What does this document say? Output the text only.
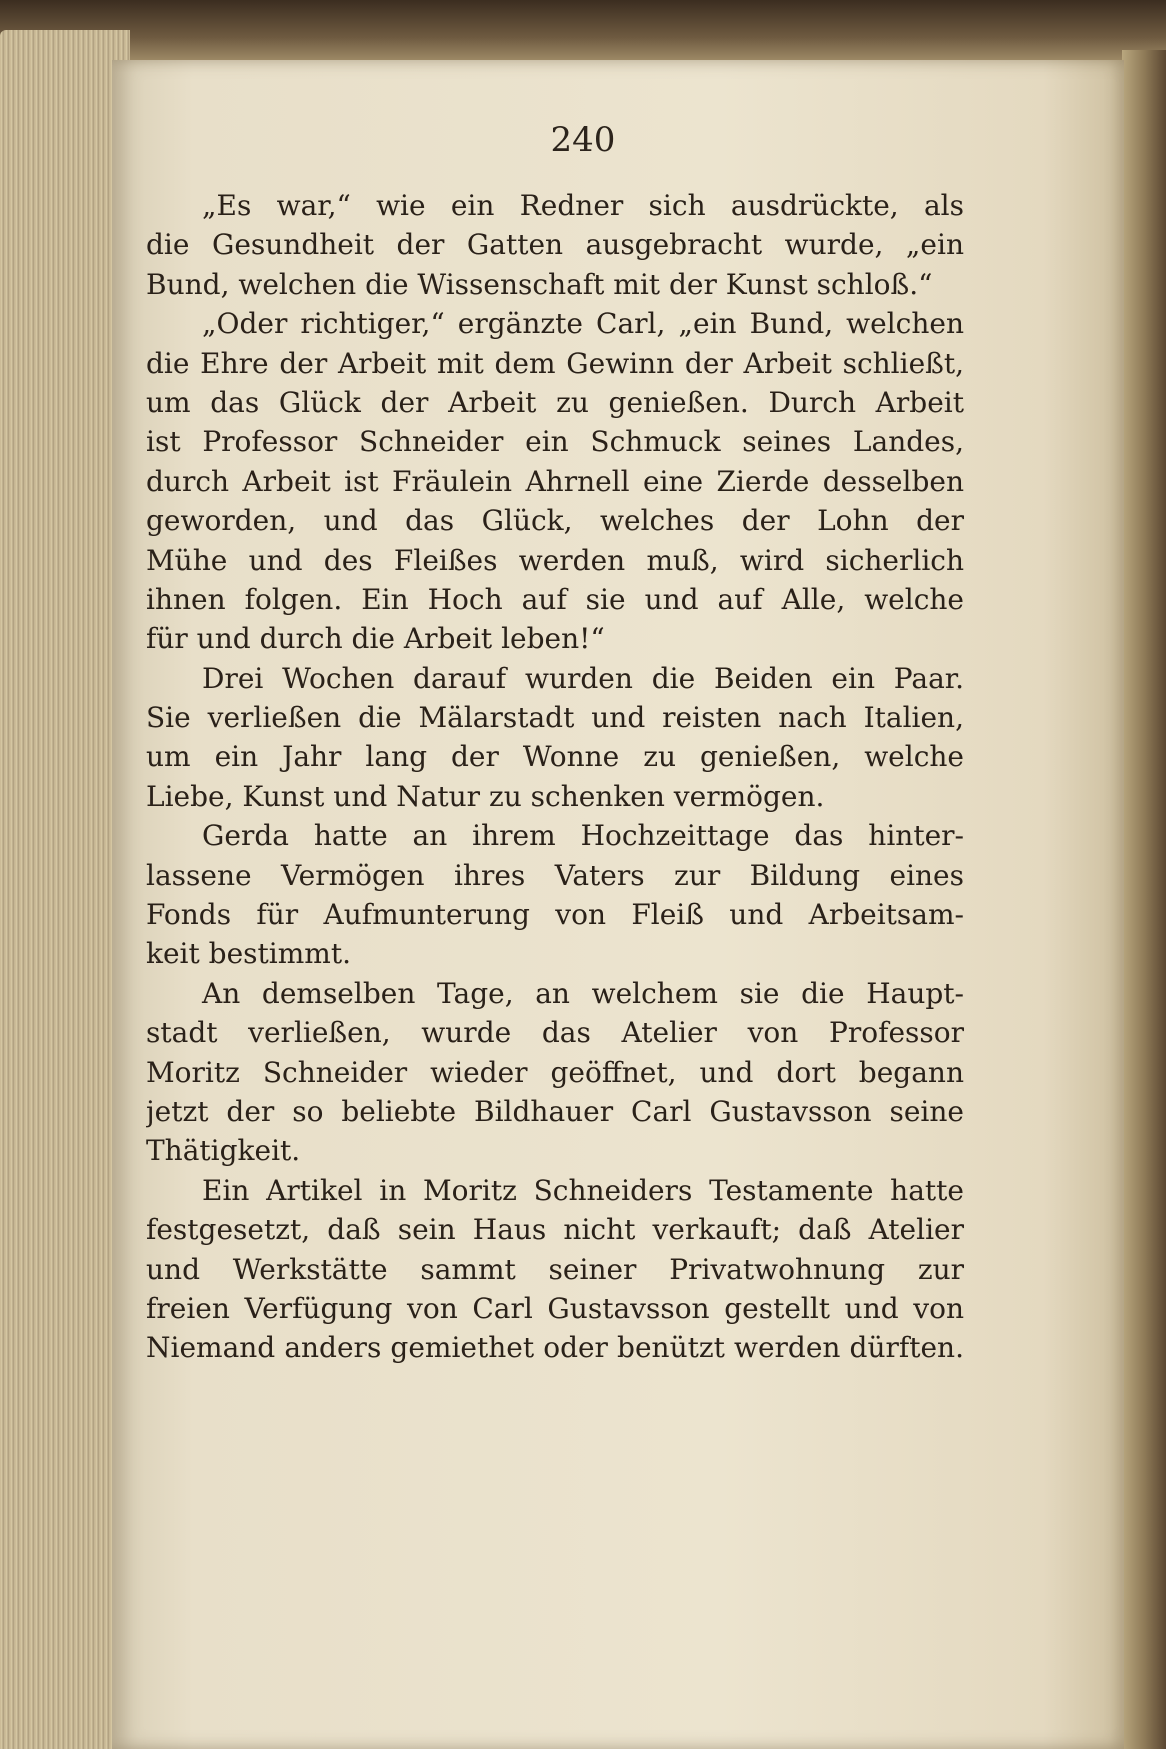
240
„Es war,“ wie ein Redner sich ausdrückte, als
die Gesundheit der Gatten ausgebracht wurde, „ein
Bund, welchen die Wissenschaft mit der Kunst schloß.“
„Oder richtiger,“ ergänzte Carl, „ein Bund, welchen
die Ehre der Arbeit mit dem Gewinn der Arbeit schließt,
um das Glück der Arbeit zu genießen. Durch Arbeit
ist Professor Schneider ein Schmuck seines Landes,
durch Arbeit ist Fräulein Ahrnell eine Zierde desselben
geworden, und das Glück, welches der Lohn der
Mühe und des Fleißes werden muß, wird sicherlich
ihnen folgen. Ein Hoch auf sie und auf Alle, welche
für und durch die Arbeit leben!“
Drei Wochen darauf wurden die Beiden ein Paar.
Sie verließen die Mälarstadt und reisten nach Italien,
um ein Jahr lang der Wonne zu genießen, welche
Liebe, Kunst und Natur zu schenken vermögen.
Gerda hatte an ihrem Hochzeittage das hinter-
lassene Vermögen ihres Vaters zur Bildung eines
Fonds für Aufmunterung von Fleiß und Arbeitsam-
keit bestimmt.
An demselben Tage, an welchem sie die Haupt-
stadt verließen, wurde das Atelier von Professor
Moritz Schneider wieder geöffnet, und dort begann
jetzt der so beliebte Bildhauer Carl Gustavsson seine
Thätigkeit.
Ein Artikel in Moritz Schneiders Testamente hatte
festgesetzt, daß sein Haus nicht verkauft; daß Atelier
und Werkstätte sammt seiner Privatwohnung zur
freien Verfügung von Carl Gustavsson gestellt und von
Niemand anders gemiethet oder benützt werden dürften.
